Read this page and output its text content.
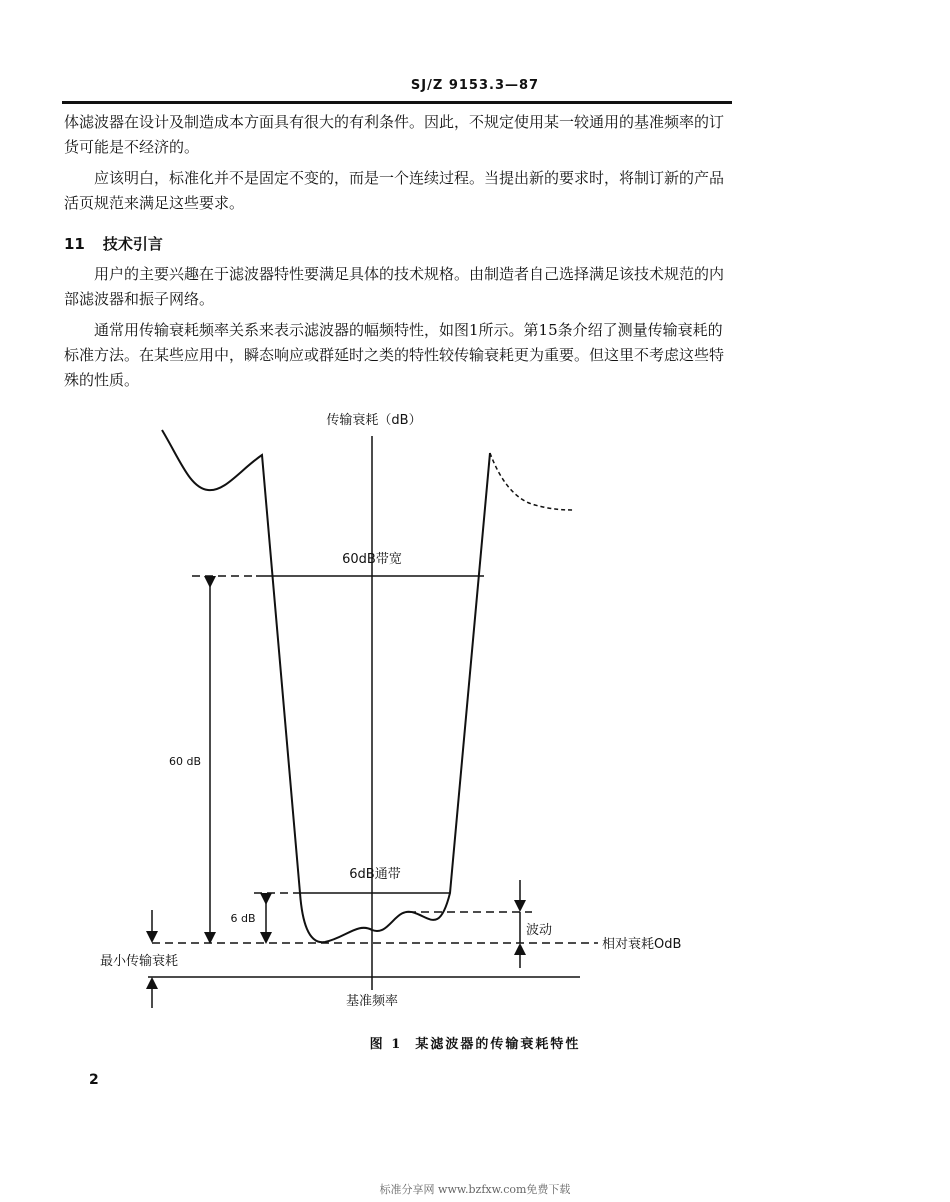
SJ/Z 9153.3—87

体滤波器在设计及制造成本方面具有很大的有利条件。因此，不规定使用某一较通用的基准频率的订货可能是不经济的。

应该明白，标准化并不是固定不变的，而是一个连续过程。当提出新的要求时，将制订新的产品活页规范来满足这些要求。

11 技术引言

用户的主要兴趣在于滤波器特性要满足具体的技术规格。由制造者自己选择满足该技术规范的内部滤波器和振子网络。

通常用传输衰耗频率关系来表示滤波器的幅频特性，如图1所示。第15条介绍了测量传输衰耗的标准方法。在某些应用中，瞬态响应或群延时之类的特性较传输衰耗更为重要。但这里不考虑这些特殊的性质。

传输衰耗（dB）
60dB带宽
60 dB
6dB通带
6 dB
相对衰耗OdB
波动
最小传输衰耗
基准频率
图 1 某滤波器的传输衰耗特性
2
标准分享网 www.bzfxw.com免费下载
